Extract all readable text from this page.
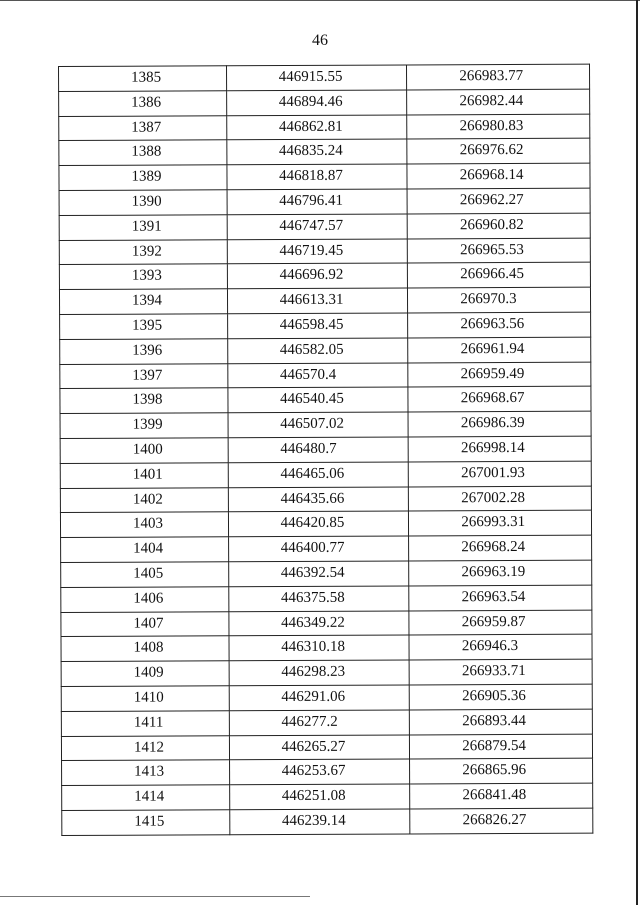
46
1385	446915.55	266983.77
1386	446894.46	266982.44
1387	446862.81	266980.83
1388	446835.24	266976.62
1389	446818.87	266968.14
1390	446796.41	266962.27
1391	446747.57	266960.82
1392	446719.45	266965.53
1393	446696.92	266966.45
1394	446613.31	266970.3
1395	446598.45	266963.56
1396	446582.05	266961.94
1397	446570.4	266959.49
1398	446540.45	266968.67
1399	446507.02	266986.39
1400	446480.7	266998.14
1401	446465.06	267001.93
1402	446435.66	267002.28
1403	446420.85	266993.31
1404	446400.77	266968.24
1405	446392.54	266963.19
1406	446375.58	266963.54
1407	446349.22	266959.87
1408	446310.18	266946.3
1409	446298.23	266933.71
1410	446291.06	266905.36
1411	446277.2	266893.44
1412	446265.27	266879.54
1413	446253.67	266865.96
1414	446251.08	266841.48
1415	446239.14	266826.27
